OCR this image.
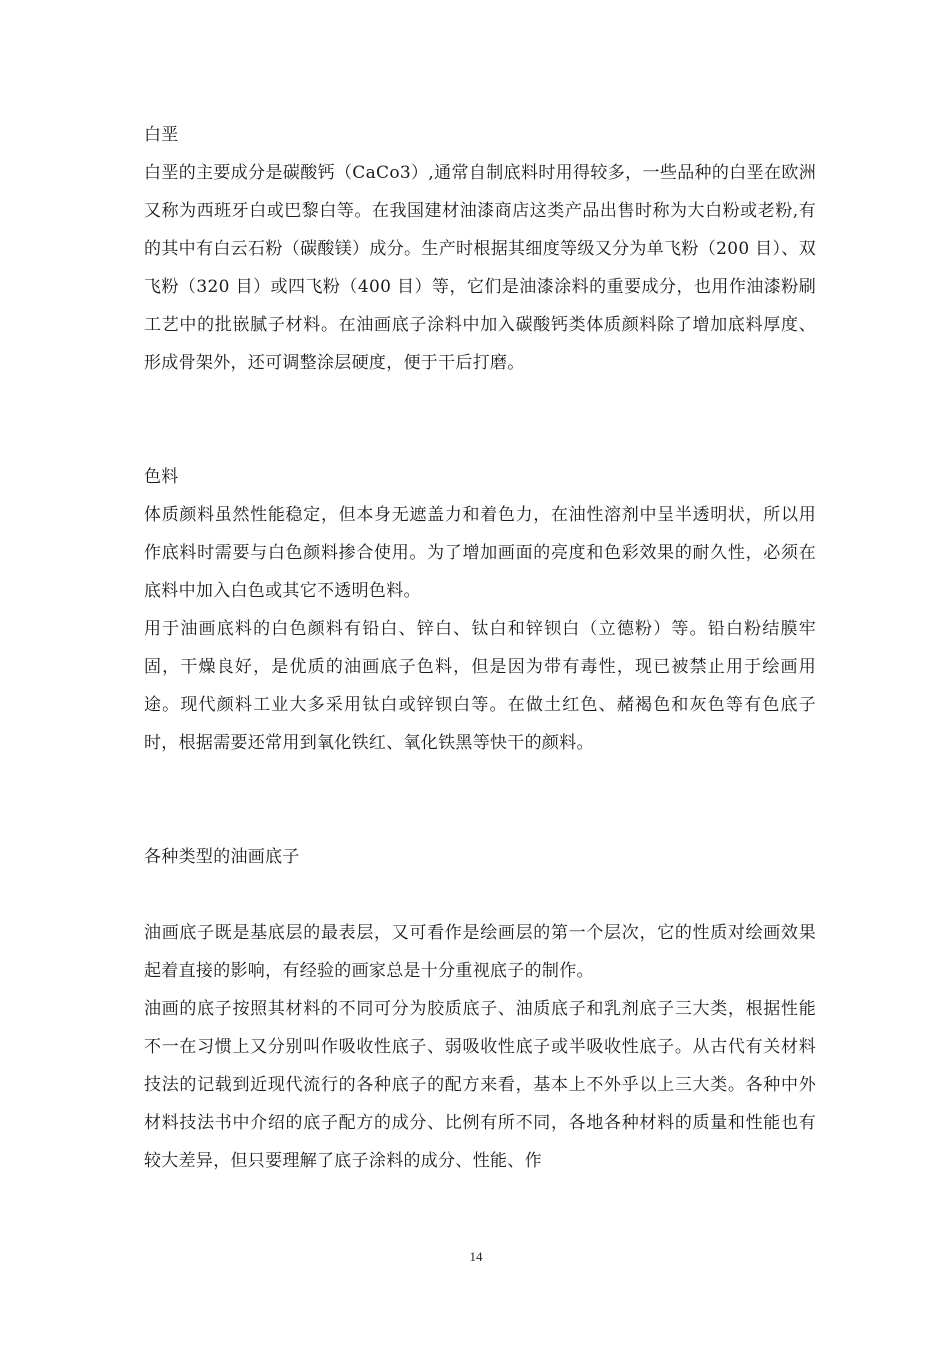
白垩

白垩的主要成分是碳酸钙（CaCo3）,通常自制底料时用得较多，一些品种的白垩在欧洲又称为西班牙白或巴黎白等。在我国建材油漆商店这类产品出售时称为大白粉或老粉,有的其中有白云石粉（碳酸镁）成分。生产时根据其细度等级又分为单飞粉（200 目）、双飞粉（320 目）或四飞粉（400 目）等，它们是油漆涂料的重要成分，也用作油漆粉刷工艺中的批嵌腻子材料。在油画底子涂料中加入碳酸钙类体质颜料除了增加底料厚度、形成骨架外，还可调整涂层硬度，便于干后打磨。

色料

体质颜料虽然性能稳定，但本身无遮盖力和着色力，在油性溶剂中呈半透明状，所以用作底料时需要与白色颜料掺合使用。为了增加画面的亮度和色彩效果的耐久性，必须在底料中加入白色或其它不透明色料。

用于油画底料的白色颜料有铅白、锌白、钛白和锌钡白（立德粉）等。铅白粉结膜牢固，干燥良好，是优质的油画底子色料，但是因为带有毒性，现已被禁止用于绘画用途。现代颜料工业大多采用钛白或锌钡白等。在做土红色、赭褐色和灰色等有色底子时，根据需要还常用到氧化铁红、氧化铁黑等快干的颜料。

各种类型的油画底子

油画底子既是基底层的最表层，又可看作是绘画层的第一个层次，它的性质对绘画效果起着直接的影响，有经验的画家总是十分重视底子的制作。

油画的底子按照其材料的不同可分为胶质底子、油质底子和乳剂底子三大类，根据性能不一在习惯上又分别叫作吸收性底子、弱吸收性底子或半吸收性底子。从古代有关材料技法的记载到近现代流行的各种底子的配方来看，基本上不外乎以上三大类。各种中外材料技法书中介绍的底子配方的成分、比例有所不同，各地各种材料的质量和性能也有较大差异，但只要理解了底子涂料的成分、性能、作

14
